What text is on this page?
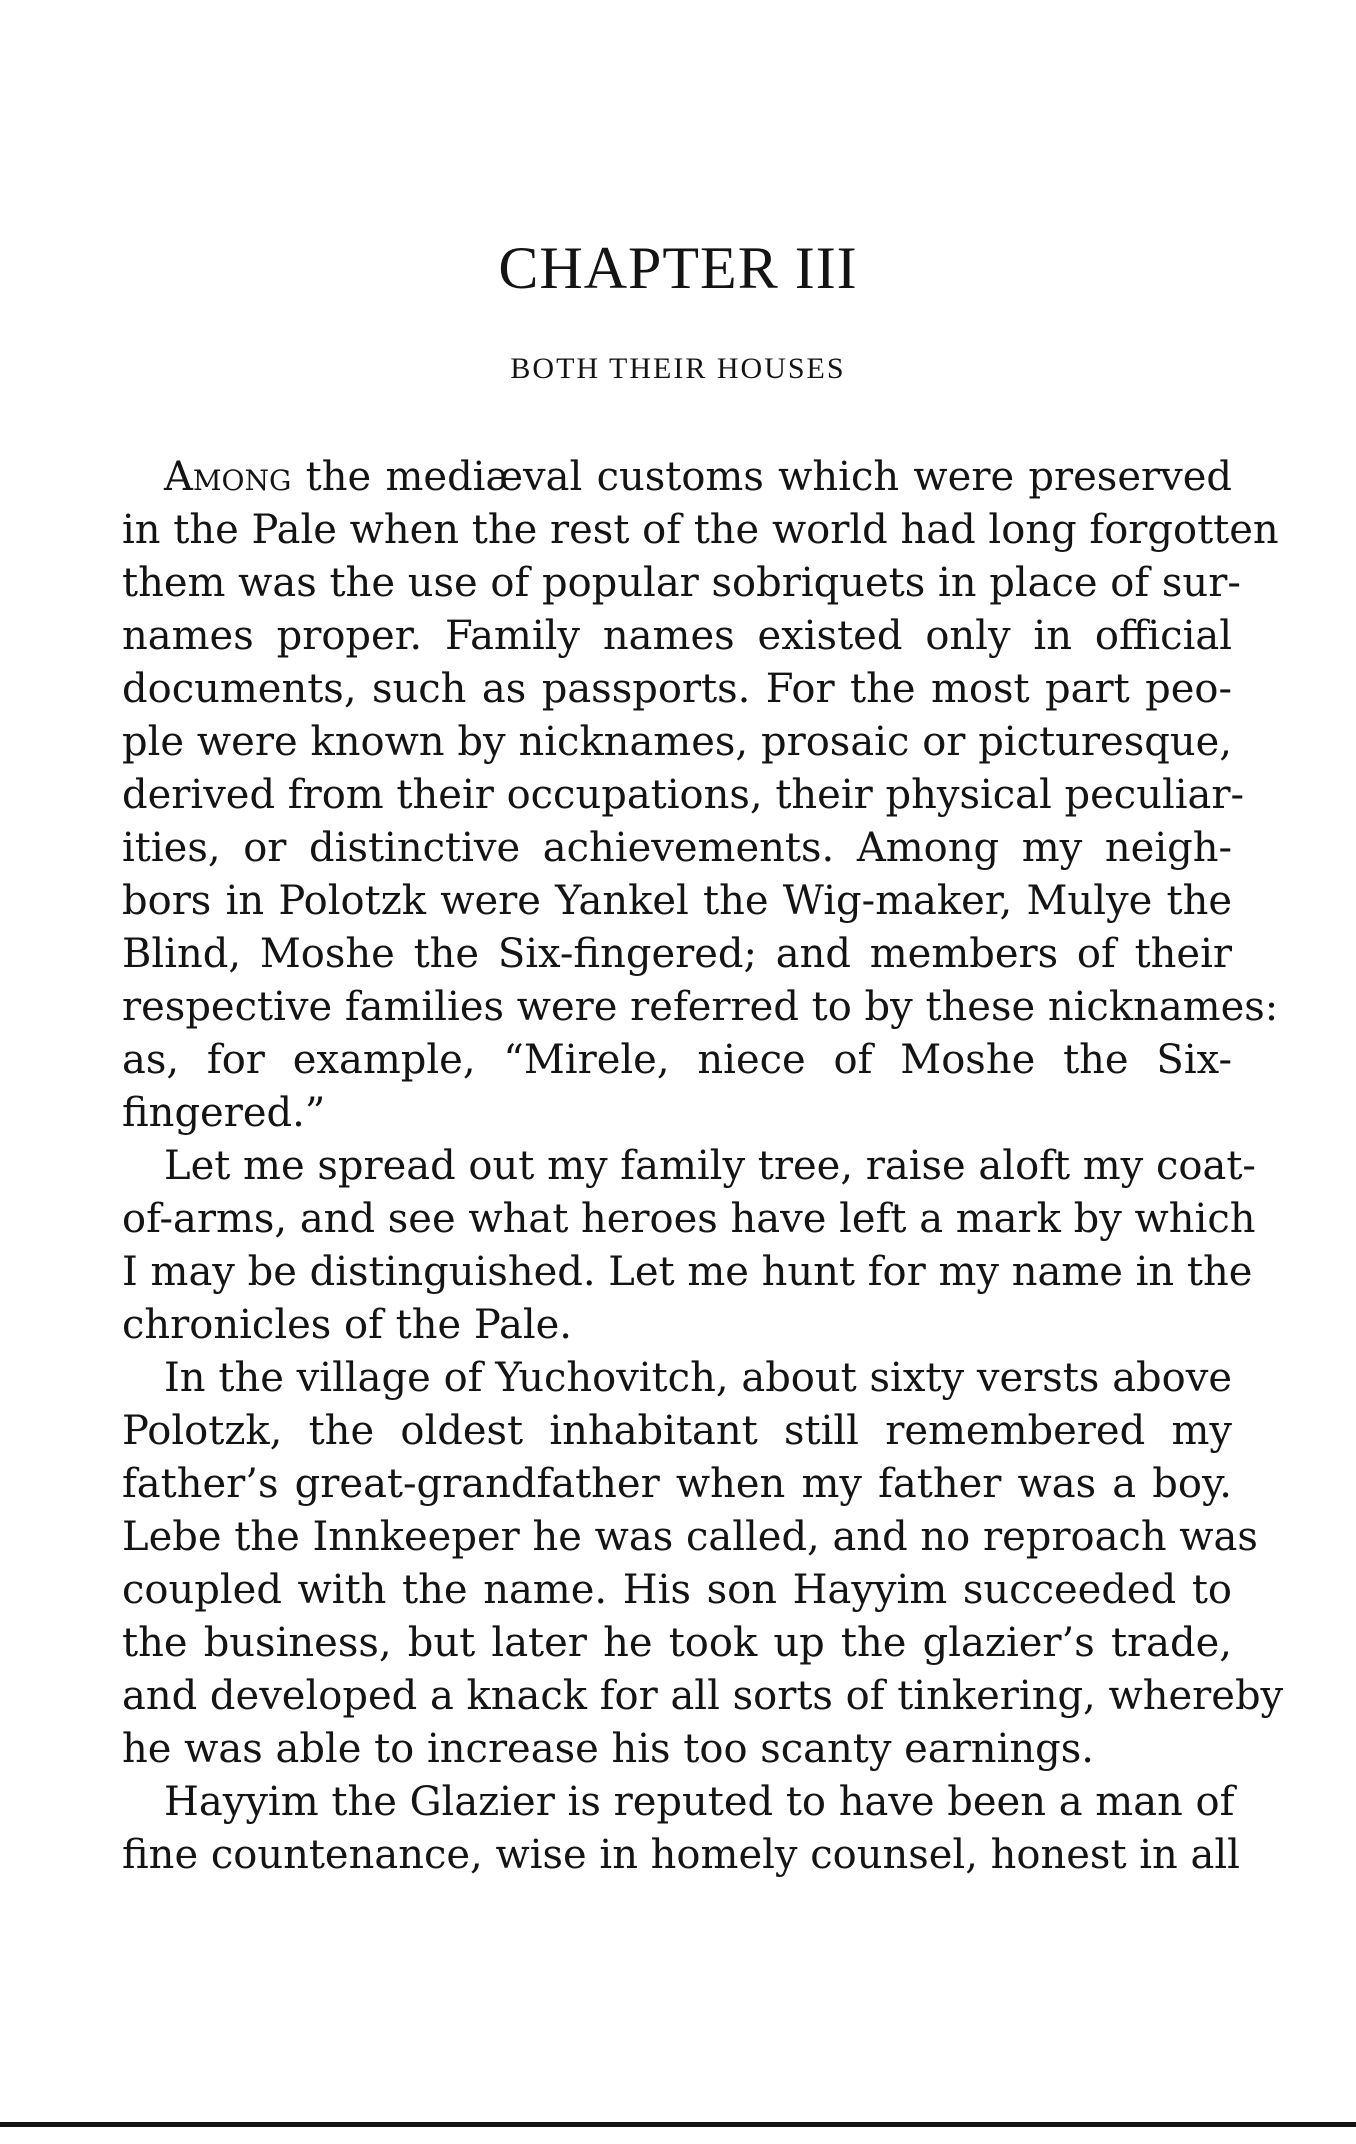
CHAPTER III
BOTH THEIR HOUSES
Among the mediæval customs which were preserved
in the Pale when the rest of the world had long forgotten
them was the use of popular sobriquets in place of sur-
names proper. Family names existed only in official
documents, such as passports. For the most part peo-
ple were known by nicknames, prosaic or picturesque,
derived from their occupations, their physical peculiar-
ities, or distinctive achievements. Among my neigh-
bors in Polotzk were Yankel the Wig-maker, Mulye the
Blind, Moshe the Six-fingered; and members of their
respective families were referred to by these nicknames:
as, for example, “Mirele, niece of Moshe the Six-
fingered.”
Let me spread out my family tree, raise aloft my coat-
of-arms, and see what heroes have left a mark by which
I may be distinguished. Let me hunt for my name in the
chronicles of the Pale.
In the village of Yuchovitch, about sixty versts above
Polotzk, the oldest inhabitant still remembered my
father’s great-grandfather when my father was a boy.
Lebe the Innkeeper he was called, and no reproach was
coupled with the name. His son Hayyim succeeded to
the business, but later he took up the glazier’s trade,
and developed a knack for all sorts of tinkering, whereby
he was able to increase his too scanty earnings.
Hayyim the Glazier is reputed to have been a man of
fine countenance, wise in homely counsel, honest in all
